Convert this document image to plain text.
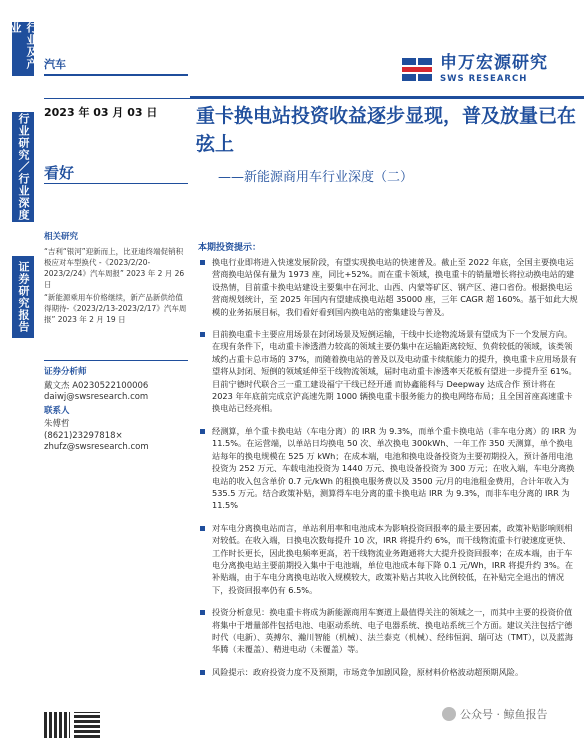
行业及产业
行业研究／行业深度
证券研究报告
汽车	申万宏源研究
SWS RESEARCH
2023 年 03 月 03 日
看好
重卡换电站投资收益逐步显现，普及放量已在弦上
——新能源商用车行业深度（二）
相关研究
“吉利“银河”迎新而上，比亚迪终端促销积极应对车型换代 -《2023/2/20-2023/2/24》汽车周报” 2023 年 2 月 26 日
“新能源乘用车价格继续，新产品新供给值得期待-《2023/2/13-2023/2/17》汽车周报” 2023 年 2 月 19 日
证券分析师
戴文杰 A0230522100006
daiwj@swsresearch.com
联系人
朱傅哲
(8621)23297818×
zhufz@swsresearch.com
本期投资提示：
换电行业即将进入快速发展阶段，有望实现换电站的快速普及。截止至 2022 年底，全国主要换电运营商换电站保有量为 1973 座，同比+52%。而在重卡领域，换电重卡的销量增长将拉动换电站的建设热情，目前重卡换电站建设主要集中在河北、山西、内蒙等矿区、钢产区、港口省份。根据换电运营商规划统计，至 2025 年国内有望建成换电站超 35000 座，三年 CAGR 超 160%。基于如此大规模的业务拓展目标，我们看好看到国内换电站的密集建设与普及。
目前换电重卡主要应用场景在封闭场景及短倒运输，干线中长途物流场景有望成为下一个发展方向。在现有条件下，电动重卡渗透潜力较高的领域主要仍集中在运输距离较短、负荷较低的领域，该类领域约占重卡总市场的 37%，而随着换电站的普及以及电动重卡续航能力的提升，换电重卡应用场景有望将从封闭、短倒的领域延伸至干线物流领域，届时电动重卡渗透率天花板有望进一步提升至 61%。目前宁德时代联合三一重工建设福宁干线已经开通 而协鑫能科与 Deepway 达成合作 预计将在 2023 年年底前完成京沪高速先期 1000 辆换电重卡服务能力的换电网络布局；且全国首座高速重卡换电站已经亮相。
经测算，单个重卡换电站（车电分离）的 IRR 为 9.3%，而单个重卡换电站（非车电分离）的 IRR 为 11.5%。在运营端，以单站日均换电 50 次、单次换电 300kWh、一年工作 350 天测算，单个换电站每年的换电规模在 525 万 kWh；在成本端，电池和换电设备投资为主要初期投入，预计备用电池投资为 252 万元、车载电池投资为 1440 万元、换电设备投资为 300 万元；在收入端，车电分离换电站的收入包含单价 0.7 元/kWh 的租换电服务费以及 3500 元/月的电池租金费用，合计年收入为 535.5 万元。结合政策补贴，测算得车电分离的重卡换电站 IRR 为 9.3%，而非车电分离的 IRR 为 11.5%
对车电分离换电站而言，单站利用率和电池成本为影响投资回报率的最主要因素，政策补贴影响则相对较低。在收入端，日换电次数每提升 10 次，IRR 将提升约 6%，而干线物流重卡行驶速度更快、工作时长更长，因此换电频率更高，若干线物流业务跑通将大大提升投资回报率；在成本端，由于车电分离换电站主要前期投入集中于电池端，单位电池成本每下降 0.1 元/Wh，IRR 将提升约 3%。在补贴端，由于车电分离换电站收入规模较大，政策补贴占其收入比例较低，在补贴完全退出的情况下，投资回报率仍有 6.5%。
投资分析意见：换电重卡将成为新能源商用车赛道上最值得关注的领域之一，而其中主要的投资价值将集中于增量部件包括电池、电驱动系统、电子电器系统、换电站系统三个方面。建议关注包括宁德时代（电新）、英搏尔、瀚川智能（机械）、法兰泰克（机械）、经纬恒润、瑞可达（TMT），以及蓝海华腾（未覆盖）、精进电动（未覆盖）等。
风险提示：政府投资力度不及预期，市场竞争加剧风险，原材料价格波动超预期风险。
公众号 · 鲸鱼报告
